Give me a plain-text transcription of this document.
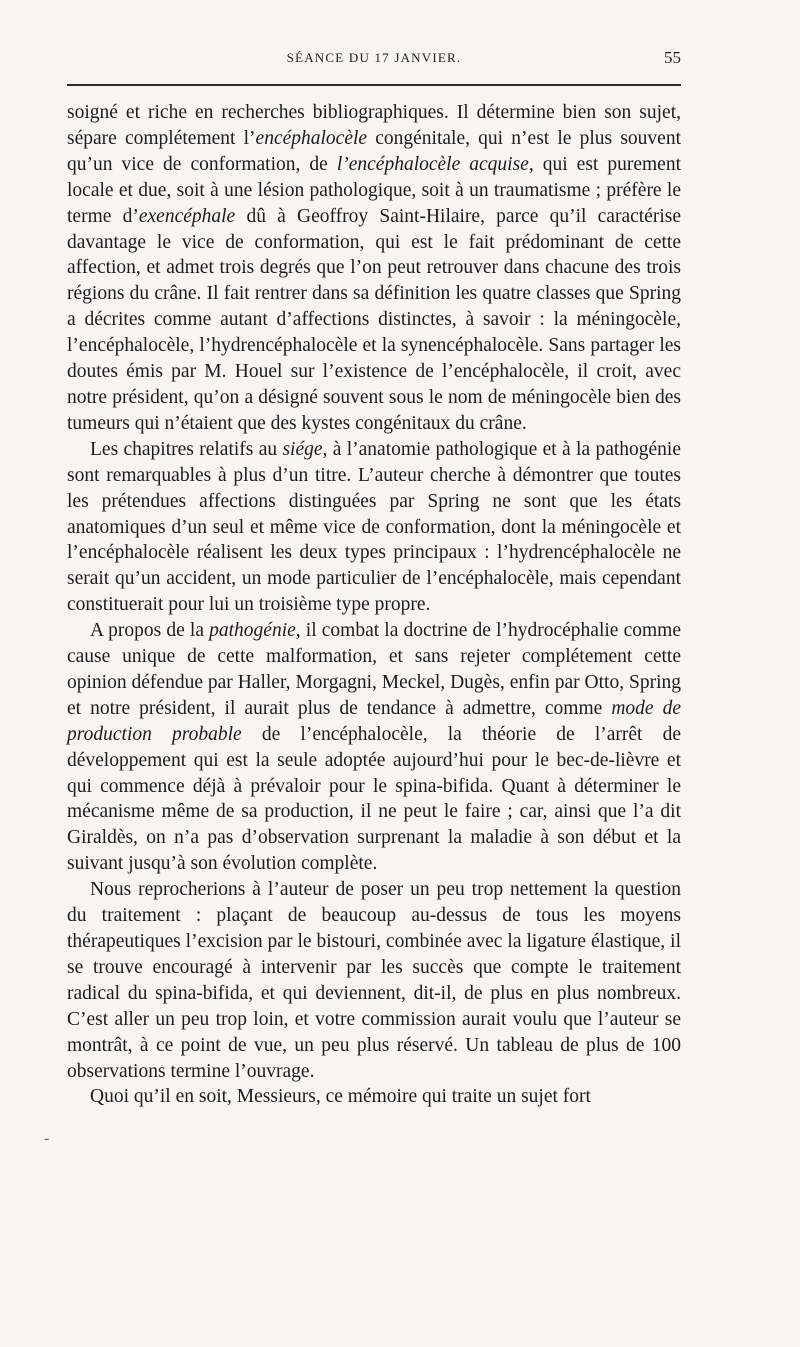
SÉANCE DU 17 JANVIER.	55
-

soigné et riche en recherches bibliographiques. Il détermine bien son sujet, sépare complétement l’encéphalocèle congénitale, qui n’est le plus souvent qu’un vice de conformation, de l’encéphalocèle acquise, qui est purement locale et due, soit à une lésion pathologique, soit à un traumatisme ; préfère le terme d’exencéphale dû à Geoffroy Saint-Hilaire, parce qu’il caractérise davantage le vice de conformation, qui est le fait prédominant de cette affection, et admet trois degrés que l’on peut retrouver dans chacune des trois régions du crâne. Il fait rentrer dans sa définition les quatre classes que Spring a décrites comme autant d’affections distinctes, à savoir : la méningocèle, l’encéphalocèle, l’hydrencéphalocèle et la synencéphalocèle. Sans partager les doutes émis par M. Houel sur l’existence de l’encéphalocèle, il croit, avec notre président, qu’on a désigné souvent sous le nom de méningocèle bien des tumeurs qui n’étaient que des kystes congénitaux du crâne.

Les chapitres relatifs au siége, à l’anatomie pathologique et à la pathogénie sont remarquables à plus d’un titre. L’auteur cherche à démontrer que toutes les prétendues affections distinguées par Spring ne sont que les états anatomiques d’un seul et même vice de conformation, dont la méningocèle et l’encéphalocèle réalisent les deux types principaux : l’hydrencéphalocèle ne serait qu’un accident, un mode particulier de l’encéphalocèle, mais cependant constituerait pour lui un troisième type propre.

A propos de la pathogénie, il combat la doctrine de l’hydrocéphalie comme cause unique de cette malformation, et sans rejeter complétement cette opinion défendue par Haller, Morgagni, Meckel, Dugès, enfin par Otto, Spring et notre président, il aurait plus de tendance à admettre, comme mode de production probable de l’encéphalocèle, la théorie de l’arrêt de développement qui est la seule adoptée aujourd’hui pour le bec-de-lièvre et qui commence déjà à prévaloir pour le spina-bifida. Quant à déterminer le mécanisme même de sa production, il ne peut le faire ; car, ainsi que l’a dit Giraldès, on n’a pas d’observation surprenant la maladie à son début et la suivant jusqu’à son évolution complète.

Nous reprocherions à l’auteur de poser un peu trop nettement la question du traitement : plaçant de beaucoup au-dessus de tous les moyens thérapeutiques l’excision par le bistouri, combinée avec la ligature élastique, il se trouve encouragé à intervenir par les succès que compte le traitement radical du spina-bifida, et qui deviennent, dit-il, de plus en plus nombreux. C’est aller un peu trop loin, et votre commission aurait voulu que l’auteur se montrât, à ce point de vue, un peu plus réservé. Un tableau de plus de 100 observations termine l’ouvrage.

Quoi qu’il en soit, Messieurs, ce mémoire qui traite un sujet fort
